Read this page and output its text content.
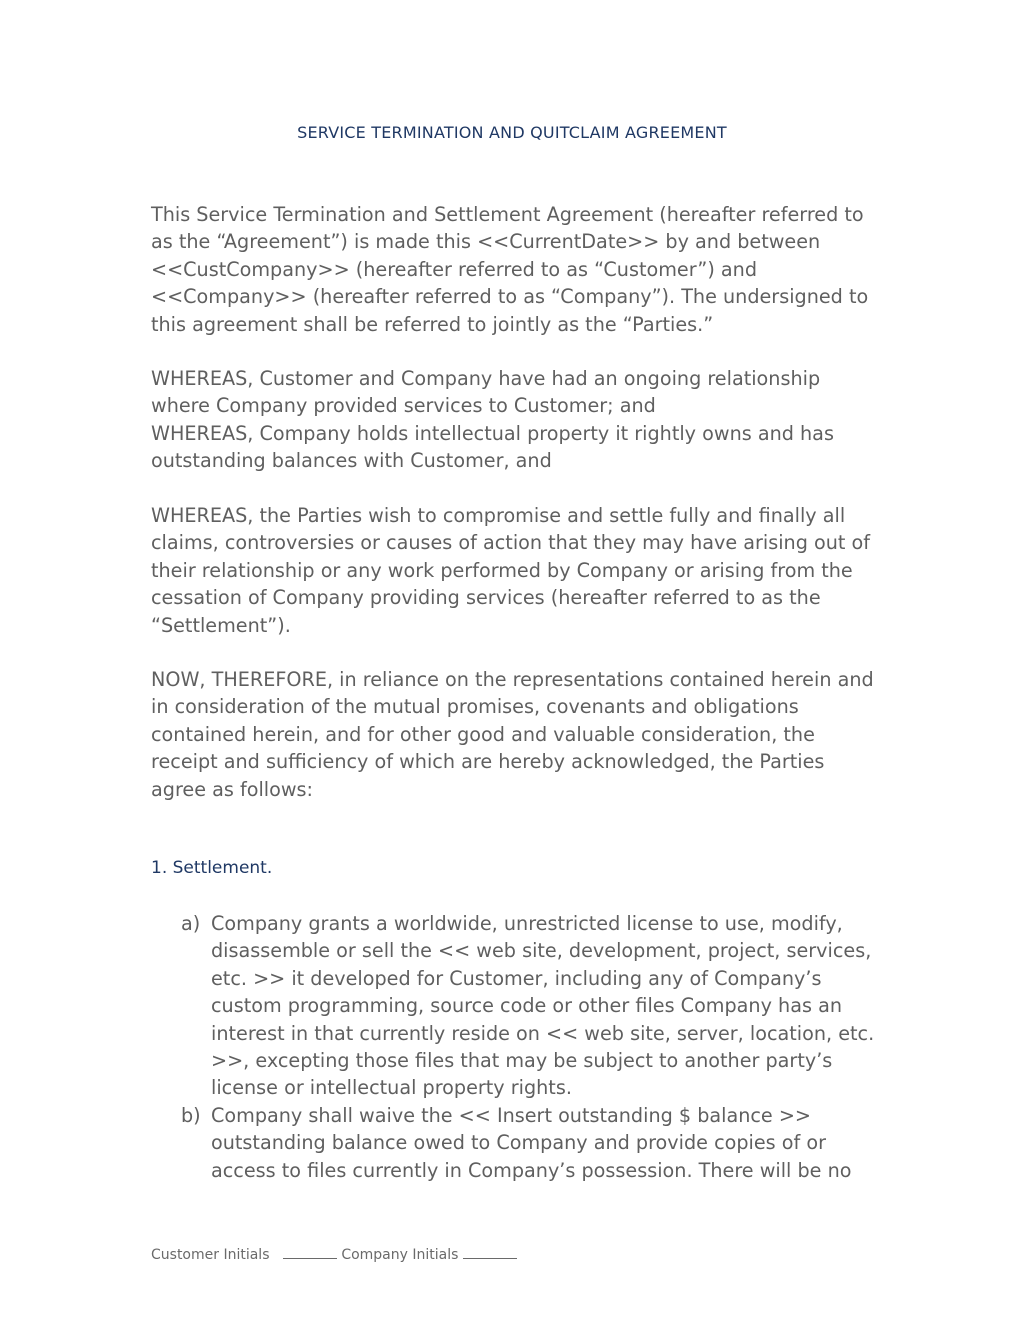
SERVICE TERMINATION AND QUITCLAIM AGREEMENT

This Service Termination and Settlement Agreement (hereafter referred to as the “Agreement”) is made this <<CurrentDate>> by and between <<CustCompany>> (hereafter referred to as “Customer”) and <<Company>> (hereafter referred to as “Company”). The undersigned to this agreement shall be referred to jointly as the “Parties.”

WHEREAS, Customer and Company have had an ongoing relationship where Company provided services to Customer; and
WHEREAS, Company holds intellectual property it rightly owns and has outstanding balances with Customer, and

WHEREAS, the Parties wish to compromise and settle fully and finally all claims, controversies or causes of action that they may have arising out of their relationship or any work performed by Company or arising from the cessation of Company providing services (hereafter referred to as the “Settlement”).

NOW, THEREFORE, in reliance on the representations contained herein and in consideration of the mutual promises, covenants and obligations contained herein, and for other good and valuable consideration, the receipt and sufficiency of which are hereby acknowledged, the Parties agree as follows:

1. Settlement.
a) Company grants a worldwide, unrestricted license to use, modify, disassemble or sell the << web site, development, project, services, etc. >> it developed for Customer, including any of Company’s custom programming, source code or other files Company has an interest in that currently reside on << web site, server, location, etc. >>, excepting those files that may be subject to another party’s license or intellectual property rights.
b) Company shall waive the << Insert outstanding $ balance >> outstanding balance owed to Company and provide copies of or access to files currently in Company’s possession. There will be no
Customer Initials	Company Initials
